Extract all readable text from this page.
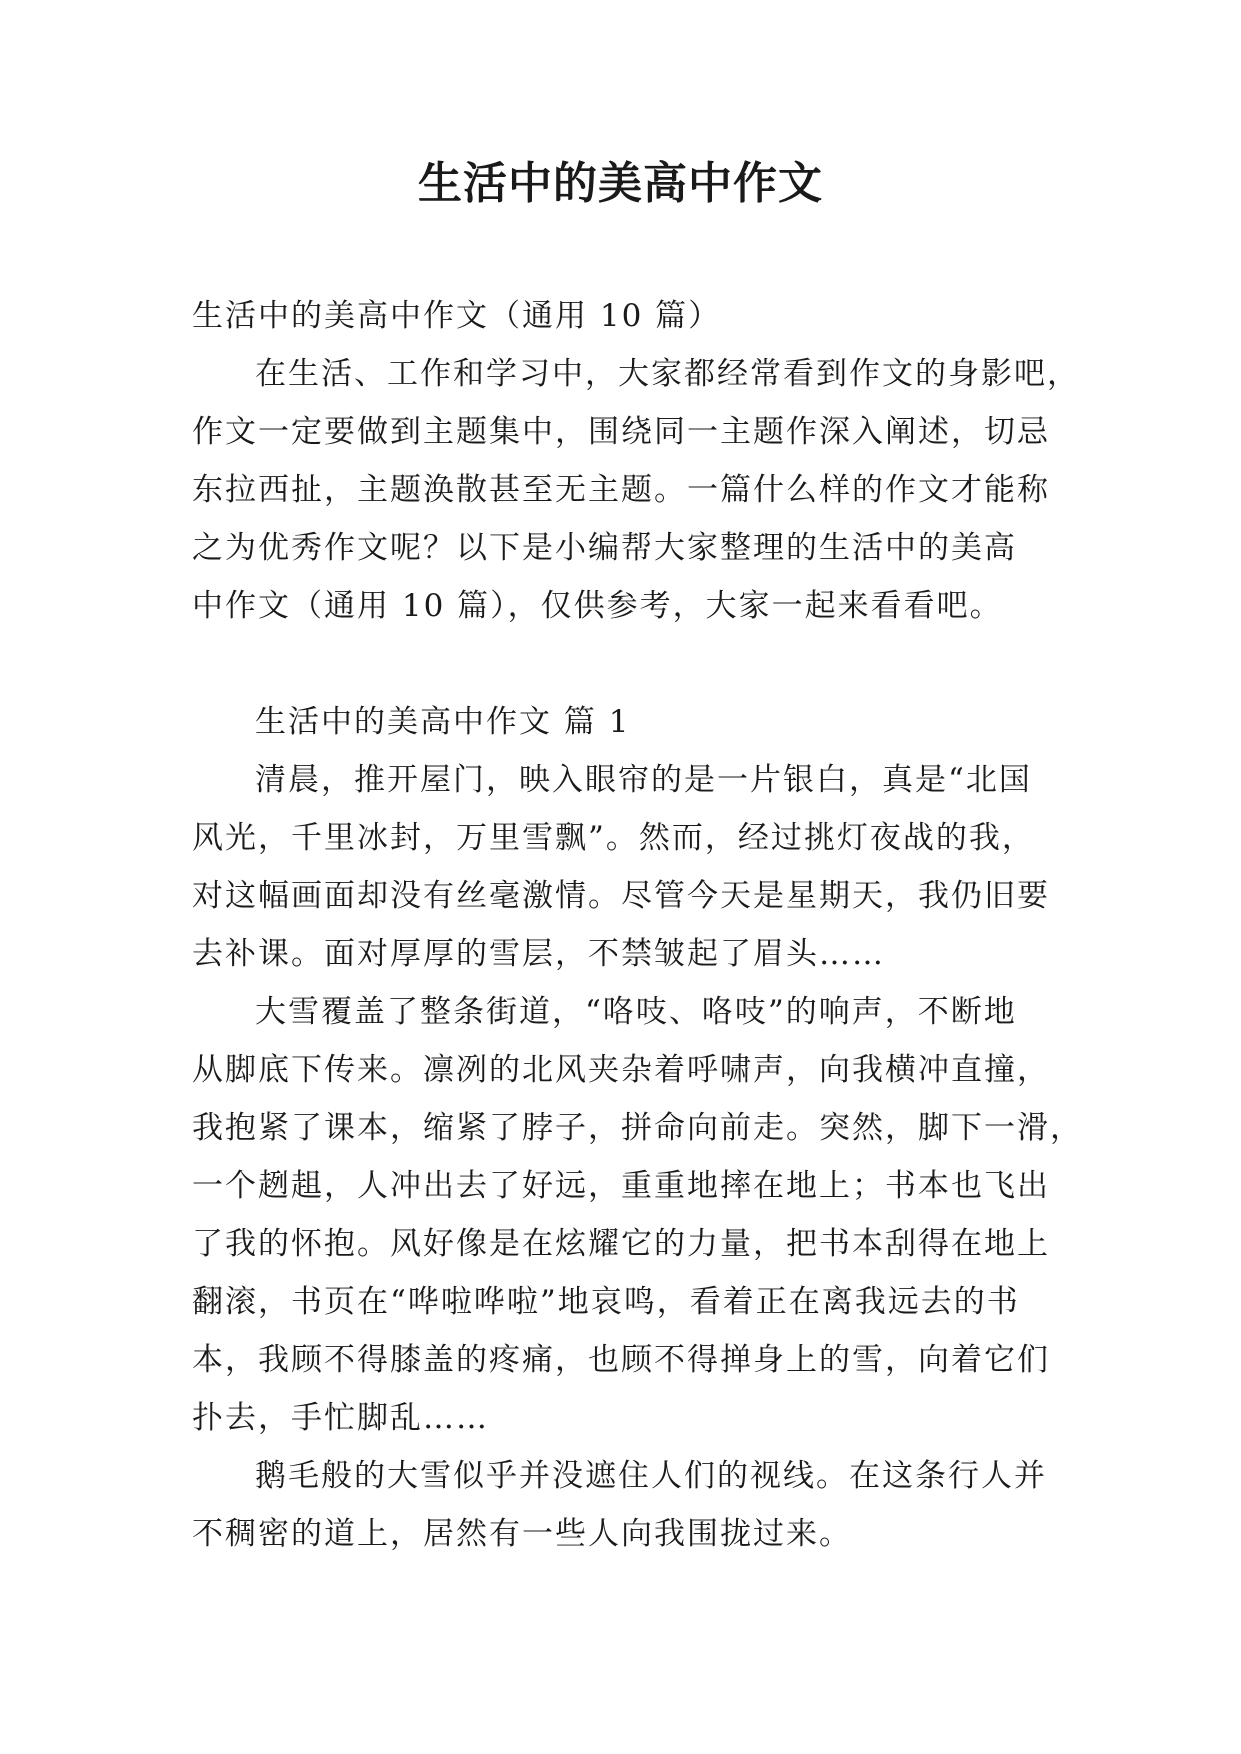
生活中的美高中作文
生活中的美高中作文（通用 10 篇）
在生活、工作和学习中，大家都经常看到作文的身影吧，
作文一定要做到主题集中，围绕同一主题作深入阐述，切忌
东拉西扯，主题涣散甚至无主题。一篇什么样的作文才能称
之为优秀作文呢？以下是小编帮大家整理的生活中的美高
中作文（通用 10 篇），仅供参考，大家一起来看看吧。
生活中的美高中作文 篇 1
清晨，推开屋门，映入眼帘的是一片银白，真是“北国
风光，千里冰封，万里雪飘”。然而，经过挑灯夜战的我，
对这幅画面却没有丝毫激情。尽管今天是星期天，我仍旧要
去补课。面对厚厚的雪层，不禁皱起了眉头……
大雪覆盖了整条街道，“咯吱、咯吱”的响声，不断地
从脚底下传来。凛冽的北风夹杂着呼啸声，向我横冲直撞，
我抱紧了课本，缩紧了脖子，拼命向前走。突然，脚下一滑，
一个趔趄，人冲出去了好远，重重地摔在地上；书本也飞出
了我的怀抱。风好像是在炫耀它的力量，把书本刮得在地上
翻滚，书页在“哗啦哗啦”地哀鸣，看着正在离我远去的书
本，我顾不得膝盖的疼痛，也顾不得掸身上的雪，向着它们
扑去，手忙脚乱……
鹅毛般的大雪似乎并没遮住人们的视线。在这条行人并
不稠密的道上，居然有一些人向我围拢过来。
